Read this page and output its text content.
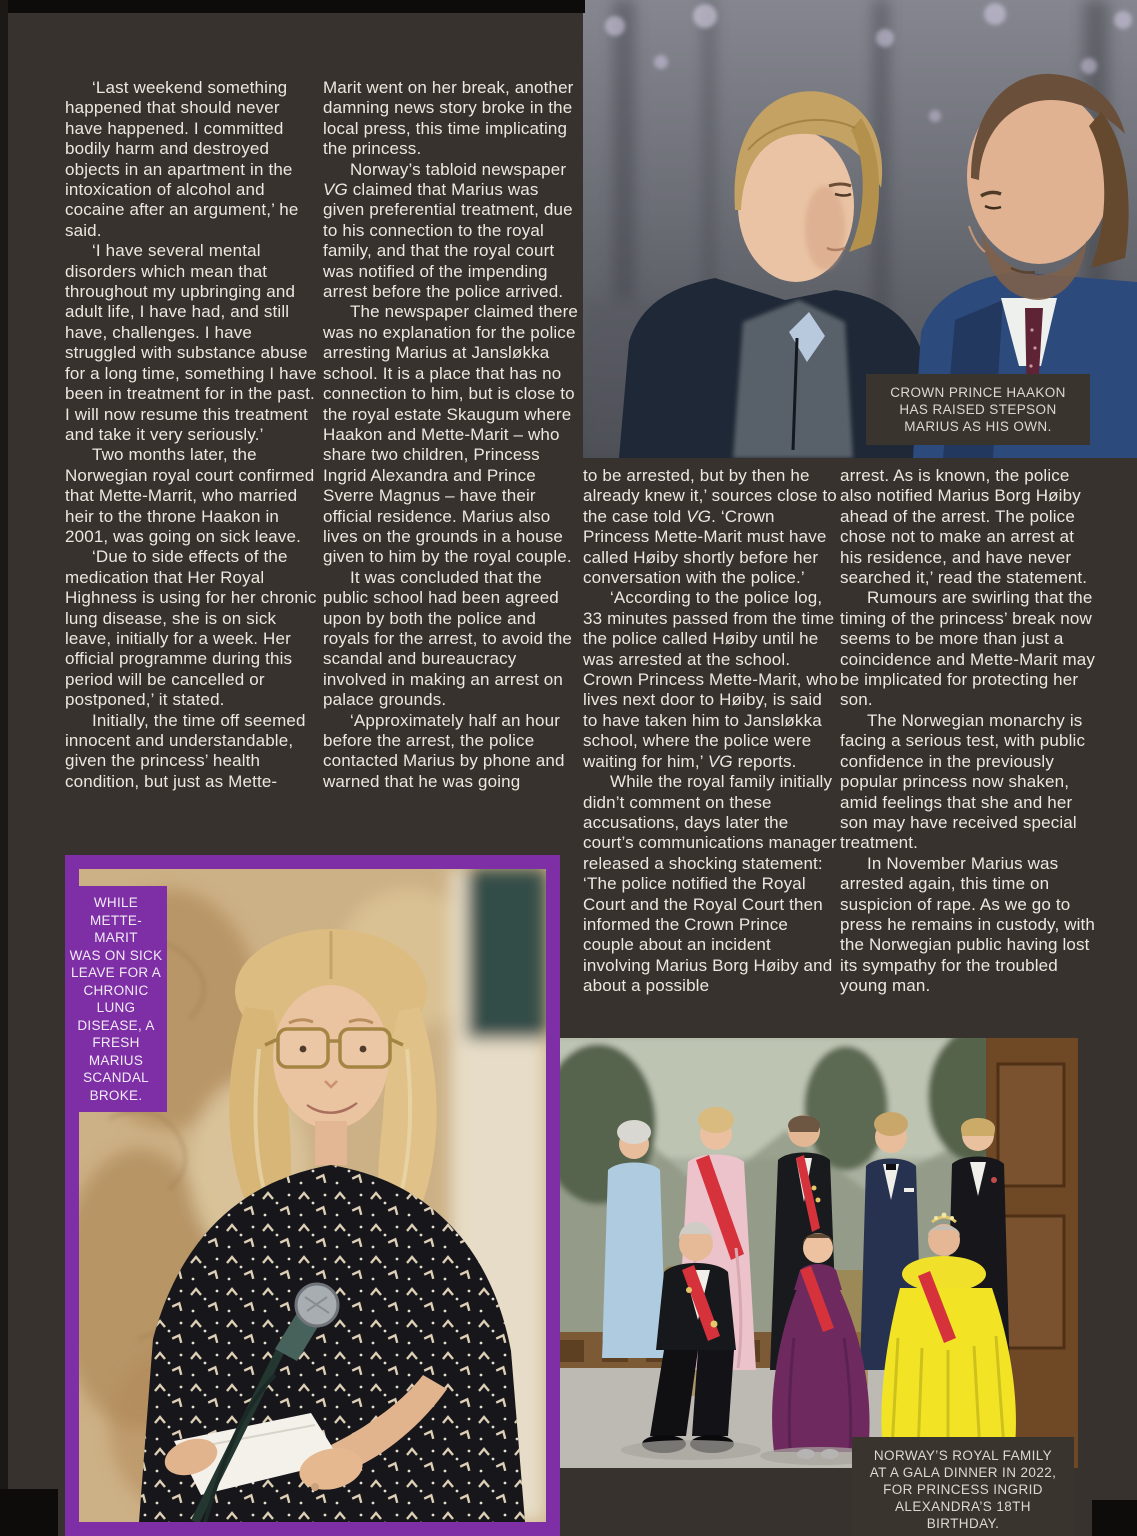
‘Last weekend something happened that should never have happened. I committed bodily harm and destroyed objects in an apartment in the intoxication of alcohol and cocaine after an argument,’ he said.

‘I have several mental disorders which mean that throughout my upbringing and adult life, I have had, and still have, challenges. I have struggled with substance abuse for a long time, something I have been in treatment for in the past. I will now resume this treatment and take it very seriously.’

Two months later, the Norwegian royal court confirmed that Mette-Marrit, who married heir to the throne Haakon in 2001, was going on sick leave.

‘Due to side effects of the medication that Her Royal Highness is using for her chronic lung disease, she is on sick leave, initially for a week. Her official programme during this period will be cancelled or postponed,’ it stated.

Initially, the time off seemed innocent and understandable, given the princess’ health condition, but just as Mette-

Marit went on her break, another damning news story broke in the local press, this time implicating the princess.

Norway’s tabloid newspaper VG claimed that Marius was given preferential treatment, due to his connection to the royal family, and that the royal court was notified of the impending arrest before the police arrived.

The newspaper claimed there was no explanation for the police arresting Marius at Jansløkka school. It is a place that has no connection to him, but is close to the royal estate Skaugum where Haakon and Mette-Marit – who share two children, Princess Ingrid Alexandra and Prince Sverre Magnus – have their official residence. Marius also lives on the grounds in a house given to him by the royal couple.

It was concluded that the public school had been agreed upon by both the police and royals for the arrest, to avoid the scandal and bureaucracy involved in making an arrest on palace grounds.

‘Approximately half an hour before the arrest, the police contacted Marius by phone and warned that he was going

to be arrested, but by then he already knew it,’ sources close to the case told VG. ‘Crown Princess Mette-Marit must have called Høiby shortly before her conversation with the police.’

‘According to the police log, 33 minutes passed from the time the police called Høiby until he was arrested at the school. Crown Princess Mette-Marit, who lives next door to Høiby, is said to have taken him to Jansløkka school, where the police were waiting for him,’ VG reports.

While the royal family initially didn’t comment on these accusations, days later the court’s communications manager released a shocking statement: ‘The police notified the Royal Court and the Royal Court then informed the Crown Prince couple about an incident involving Marius Borg Høiby and about a possible

arrest. As is known, the police also notified Marius Borg Høiby ahead of the arrest. The police chose not to make an arrest at his residence, and have never searched it,’ read the statement.

Rumours are swirling that the timing of the princess’ break now seems to be more than just a coincidence and Mette-Marit may be implicated for protecting her son.

The Norwegian monarchy is facing a serious test, with public confidence in the previously popular princess now shaken, amid feelings that she and her son may have received special treatment.

In November Marius was arrested again, this time on suspicion of rape. As we go to press he remains in custody, with the Norwegian public having lost its sympathy for the troubled young man.

CROWN PRINCE HAAKON
HAS RAISED STEPSON
MARIUS AS HIS OWN.
WHILE
METTE-MARIT
WAS ON SICK
LEAVE FOR A
CHRONIC LUNG
DISEASE, A
FRESH MARIUS
SCANDAL
BROKE.
NORWAY’S ROYAL FAMILY
AT A GALA DINNER IN 2022,
FOR PRINCESS INGRID
ALEXANDRA’S 18TH BIRTHDAY.
